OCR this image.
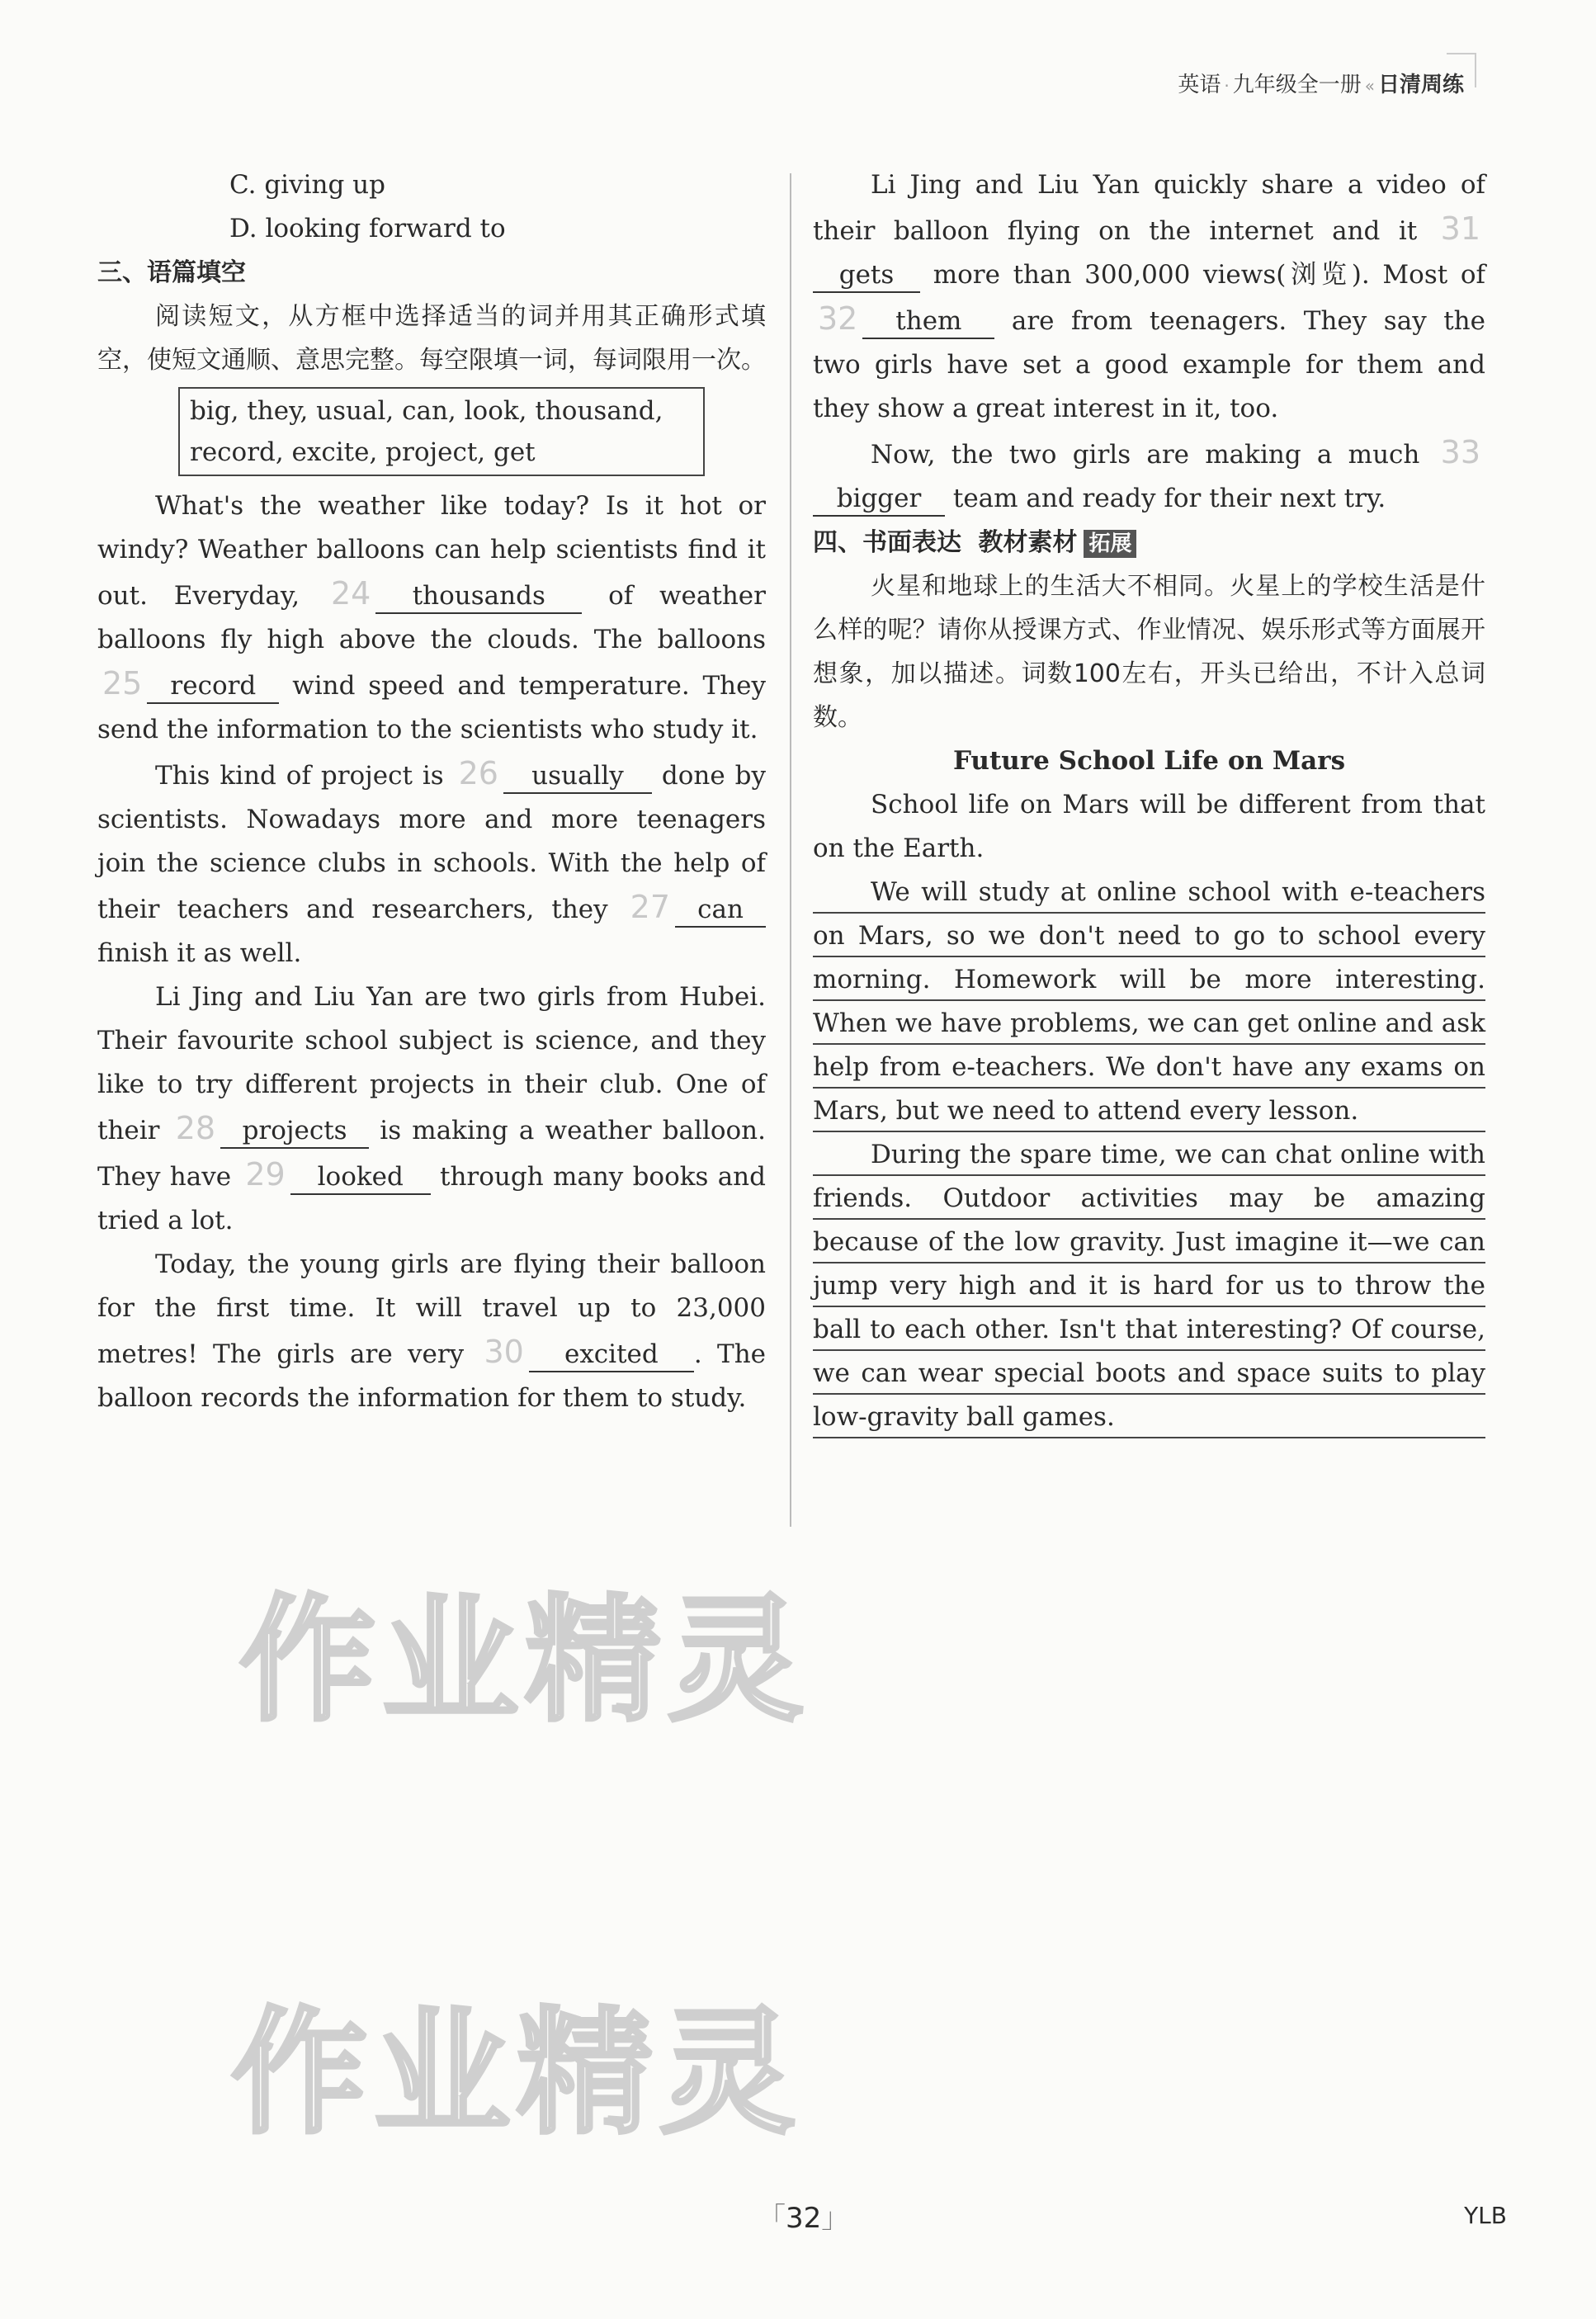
英语 · 九年级全一册 « 日清周练

C. giving up

D. looking forward to

三、语篇填空

阅读短文，从方框中选择适当的词并用其正确形式填空，使短文通顺、意思完整。每空限填一词，每词限用一次。

big, they, usual, can, look, thousand,
record, excite, project, get

What's the weather like today? Is it hot or windy? Weather balloons can help scientists find it out. Everyday, 24 thousands of weather balloons fly high above the clouds. The balloons 25 record wind speed and temperature. They send the information to the scientists who study it.

This kind of project is 26 usually done by scientists. Nowadays more and more teenagers join the science clubs in schools. With the help of their teachers and researchers, they 27 can finish it as well.

Li Jing and Liu Yan are two girls from Hubei. Their favourite school subject is science, and they like to try different projects in their club. One of their 28 projects is making a weather balloon. They have 29 looked through many books and tried a lot.

Today, the young girls are flying their balloon for the first time. It will travel up to 23,000 metres! The girls are very 30 excited . The balloon records the information for them to study.

Li Jing and Liu Yan quickly share a video of their balloon flying on the internet and it 31gets more than 300,000 views(浏览). Most of 32 them are from teenagers. They say the two girls have set a good example for them and they show a great interest in it, too.

Now, the two girls are making a much 33bigger team and ready for their next try.

四、书面表达 教材素材 拓展

火星和地球上的生活大不相同。火星上的学校生活是什么样的呢？请你从授课方式、作业情况、娱乐形式等方面展开想象，加以描述。词数100左右，开头已给出，不计入总词数。

Future School Life on Mars

School life on Mars will be different from that on the Earth.

We will study at online school with e-teachers on Mars, so we don't need to go to school every morning. Homework will be more interesting. When we have problems, we can get online and ask help from e-teachers. We don't have any exams on Mars, but we need to attend every lesson.

During the spare time, we can chat online with friends. Outdoor activities may be amazing because of the low gravity. Just imagine it—we can jump very high and it is hard for us to throw the ball to each other. Isn't that interesting? Of course, we can wear special boots and space suits to play low-gravity ball games.

作业精灵
作业精灵
「 32 」	YLB
